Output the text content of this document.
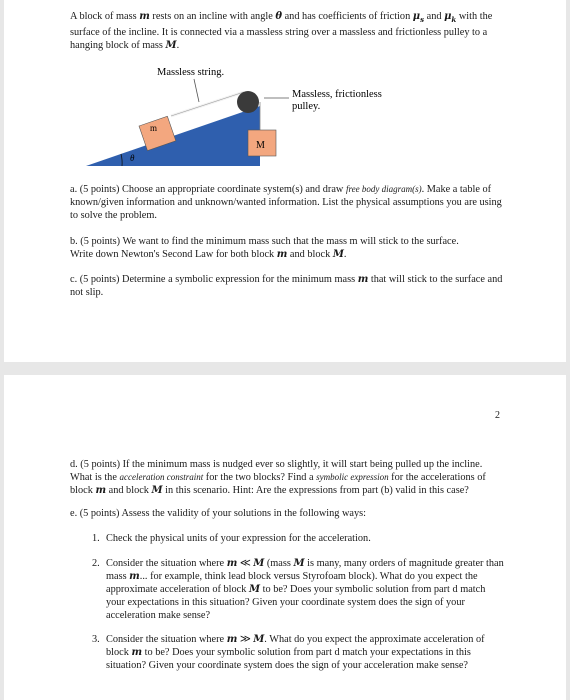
A block of mass m rests on an incline with angle θ and has coefficients of friction $\mu_s$ and $\mu_k$ with the surface of the incline. It is connected via a massless string over a massless and frictionless pulley to a hanging block of mass M.

Massless string.
Massless, frictionless
pulley.
θ
m
M

a. (5 points) Choose an appropriate coordinate system(s) and draw free body diagram(s). Make a table of known/given information and unknown/wanted information. List the physical assumptions you are using to solve the problem.

b. (5 points) We want to find the minimum mass such that the mass m will stick to the surface.
Write down Newton's Second Law for both block m and block M.

c. (5 points) Determine a symbolic expression for the minimum mass m that will stick to the surface and not slip.

2

d. (5 points) If the minimum mass is nudged ever so slightly, it will start being pulled up the incline. What is the acceleration constraint for the two blocks? Find a symbolic expression for the accelerations of block m and block M in this scenario. Hint: Are the expressions from part (b) valid in this case?

e. (5 points) Assess the validity of your solutions in the following ways:

1. Check the physical units of your expression for the acceleration.
2. Consider the situation where m ≪ M (mass M is many, many orders of magnitude greater than mass m... for example, think lead block versus Styrofoam block). What do you expect the approximate acceleration of block M to be? Does your symbolic solution from part d match your expectations in this situation? Given your coordinate system does the sign of your acceleration make sense?
3. Consider the situation where m ≫ M. What do you expect the approximate acceleration of block m to be? Does your symbolic solution from part d match your expectations in this situation? Given your coordinate system does the sign of your acceleration make sense?
